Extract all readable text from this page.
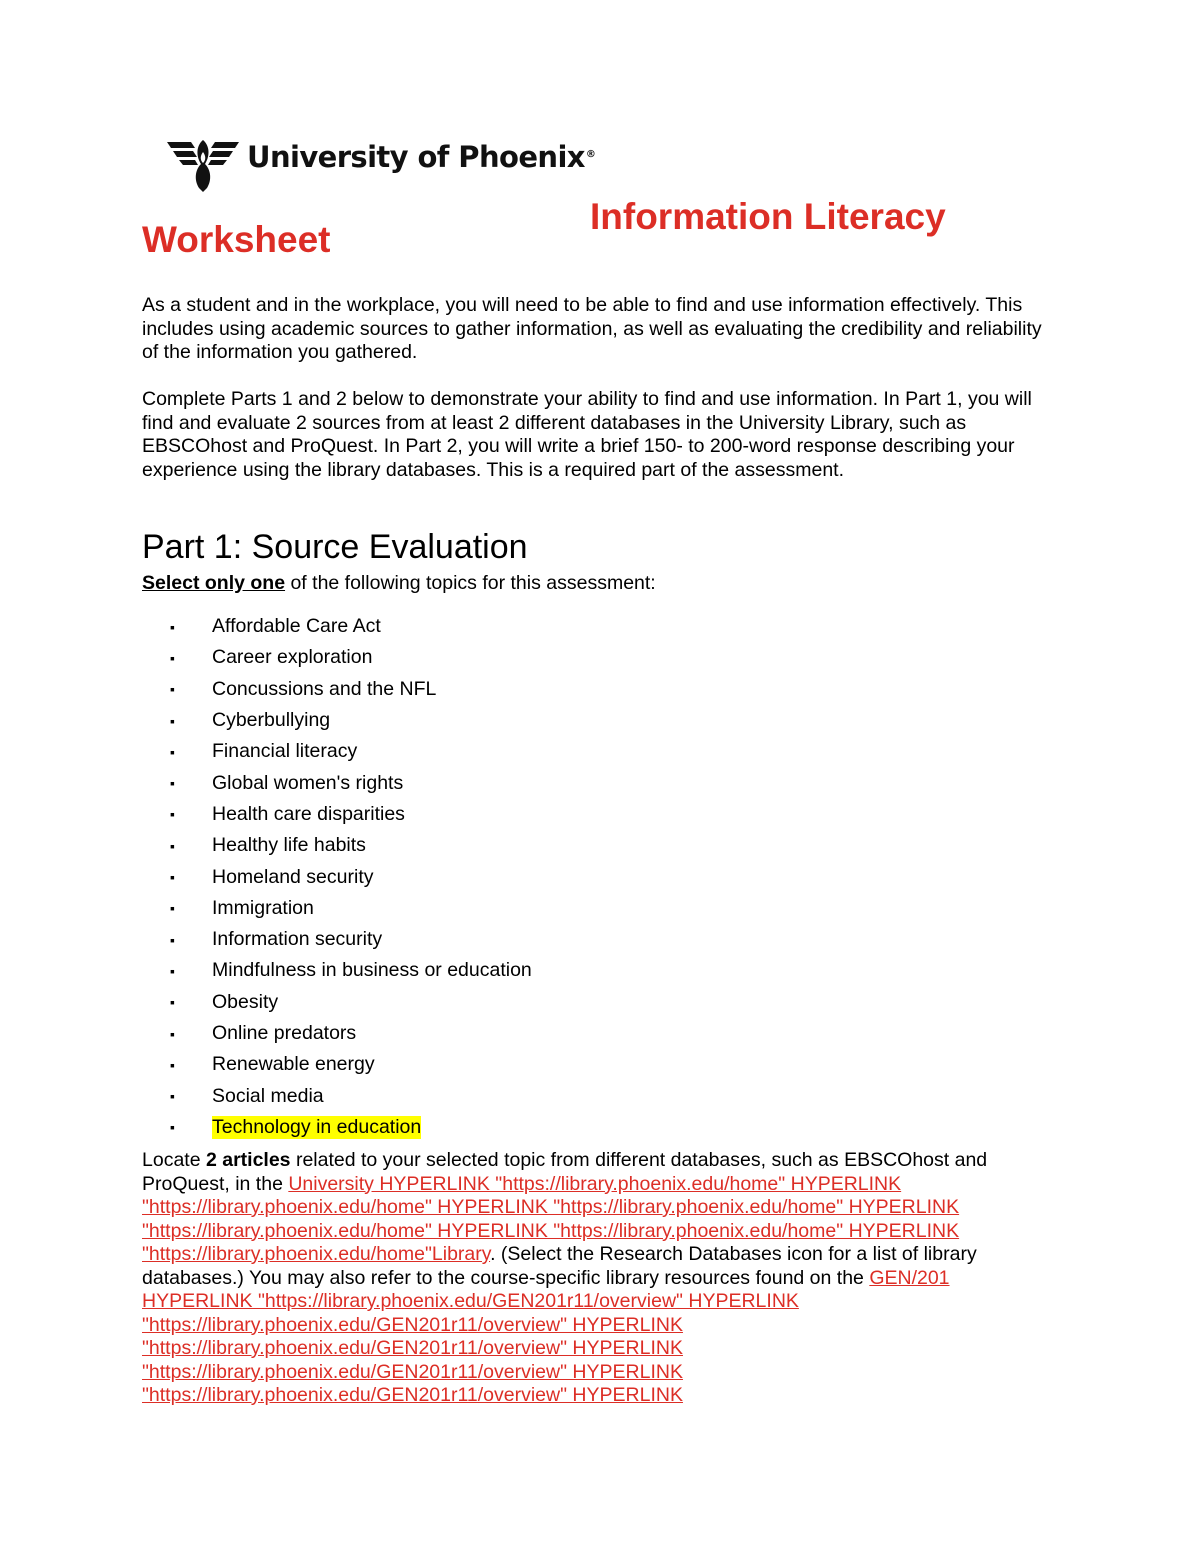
University of Phoenix®
Information Literacy
Worksheet

As a student and in the workplace, you will need to be able to find and use information effectively. This includes using academic sources to gather information, as well as evaluating the credibility and reliability of the information you gathered.

Complete Parts 1 and 2 below to demonstrate your ability to find and use information. In Part 1, you will find and evaluate 2 sources from at least 2 different databases in the University Library, such as EBSCOhost and ProQuest. In Part 2, you will write a brief 150- to 200-word response describing your experience using the library databases. This is a required part of the assessment.

Part 1: Source Evaluation
Select only one of the following topics for this assessment:
▪	Affordable Care Act
▪	Career exploration
▪	Concussions and the NFL
▪	Cyberbullying
▪	Financial literacy
▪	Global women's rights
▪	Health care disparities
▪	Healthy life habits
▪	Homeland security
▪	Immigration
▪	Information security
▪	Mindfulness in business or education
▪	Obesity
▪	Online predators
▪	Renewable energy
▪	Social media
▪	Technology in education

Locate 2 articles related to your selected topic from different databases, such as EBSCOhost and ProQuest, in the University HYPERLINK "https://library.phoenix.edu/home" HYPERLINK "https://library.phoenix.edu/home" HYPERLINK "https://library.phoenix.edu/home" HYPERLINK "https://library.phoenix.edu/home" HYPERLINK "https://library.phoenix.edu/home" HYPERLINK "https://library.phoenix.edu/home"Library. (Select the Research Databases icon for a list of library databases.) You may also refer to the course-specific library resources found on the GEN/201 HYPERLINK "https://library.phoenix.edu/GEN201r11/overview" HYPERLINK "https://library.phoenix.edu/GEN201r11/overview" HYPERLINK "https://library.phoenix.edu/GEN201r11/overview" HYPERLINK "https://library.phoenix.edu/GEN201r11/overview" HYPERLINK "https://library.phoenix.edu/GEN201r11/overview" HYPERLINK
